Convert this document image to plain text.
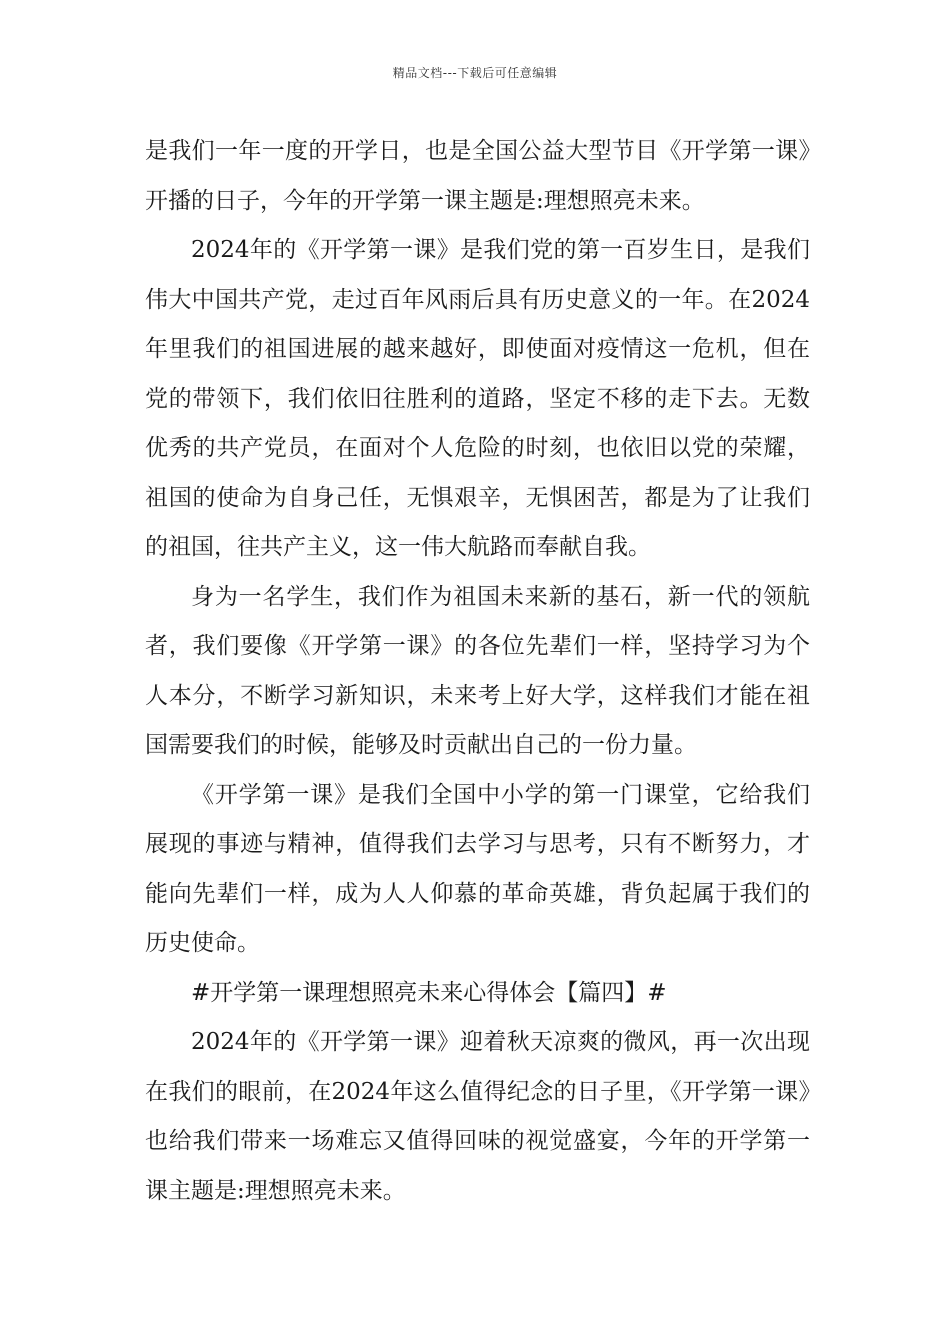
精品文档---下载后可任意编辑

是我们一年一度的开学日，也是全国公益大型节目《开学第一课》开播的日子，今年的开学第一课主题是:理想照亮未来。

2024年的《开学第一课》是我们党的第一百岁生日，是我们伟大中国共产党，走过百年风雨后具有历史意义的一年。在2024年里我们的祖国进展的越来越好，即使面对疫情这一危机，但在党的带领下，我们依旧往胜利的道路，坚定不移的走下去。无数优秀的共产党员，在面对个人危险的时刻，也依旧以党的荣耀，祖国的使命为自身己任，无惧艰辛，无惧困苦，都是为了让我们的祖国，往共产主义，这一伟大航路而奉献自我。

身为一名学生，我们作为祖国未来新的基石，新一代的领航者，我们要像《开学第一课》的各位先辈们一样，坚持学习为个人本分，不断学习新知识，未来考上好大学，这样我们才能在祖国需要我们的时候，能够及时贡献出自己的一份力量。

《开学第一课》是我们全国中小学的第一门课堂，它给我们展现的事迹与精神，值得我们去学习与思考，只有不断努力，才能向先辈们一样，成为人人仰慕的革命英雄，背负起属于我们的历史使命。

#开学第一课理想照亮未来心得体会【篇四】#

2024年的《开学第一课》迎着秋天凉爽的微风，再一次出现在我们的眼前，在2024年这么值得纪念的日子里，《开学第一课》也给我们带来一场难忘又值得回味的视觉盛宴，今年的开学第一课主题是:理想照亮未来。
